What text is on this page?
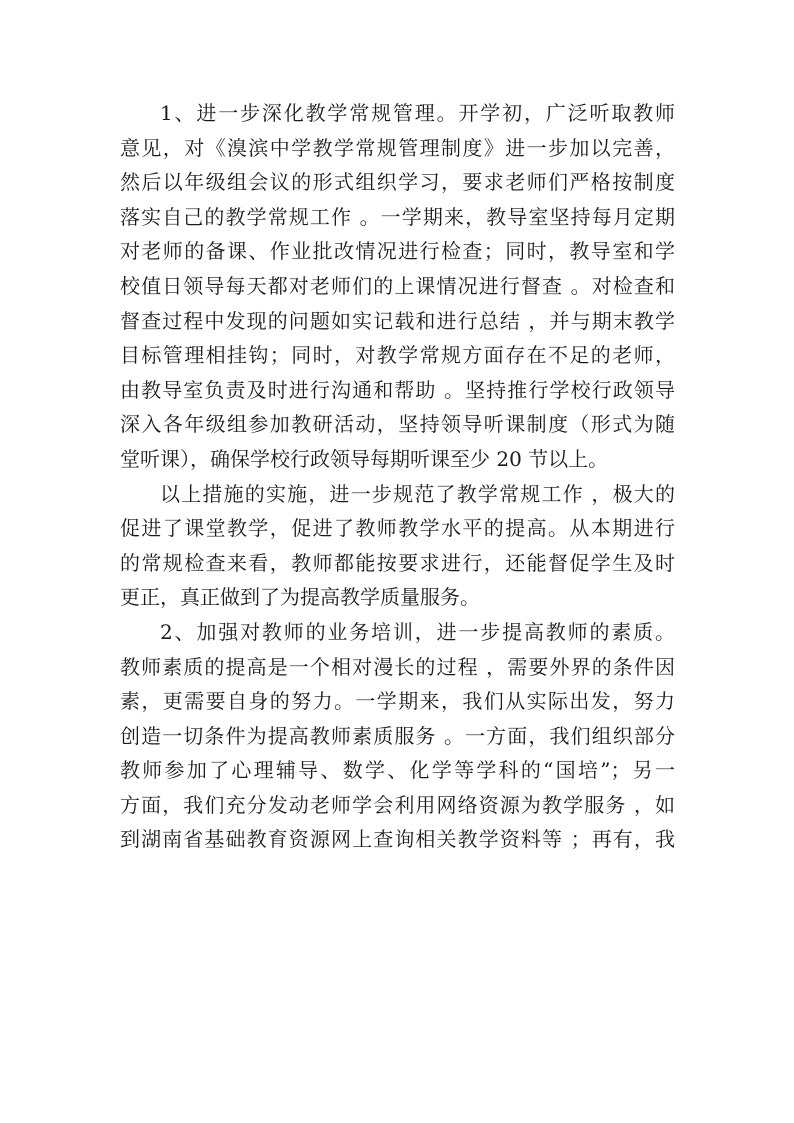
1、进一步深化教学常规管理。开学初，广泛听取教师
意见，对《溴滨中学教学常规管理制度》进一步加以完善，
然后以年级组会议的形式组织学习，要求老师们严格按制度
落实自己的教学常规工作 。一学期来，教导室坚持每月定期
对老师的备课、作业批改情况进行检查；同时，教导室和学
校值日领导每天都对老师们的上课情况进行督查 。对检查和
督查过程中发现的问题如实记载和进行总结 ，并与期末教学
目标管理相挂钩；同时，对教学常规方面存在不足的老师，
由教导室负责及时进行沟通和帮助 。坚持推行学校行政领导
深入各年级组参加教研活动，坚持领导听课制度（形式为随
堂听课），确保学校行政领导每期听课至少 20 节以上。
以上措施的实施，进一步规范了教学常规工作 ，极大的
促进了课堂教学，促进了教师教学水平的提高。从本期进行
的常规检查来看，教师都能按要求进行，还能督促学生及时
更正，真正做到了为提高教学质量服务。
2、加强对教师的业务培训，进一步提高教师的素质。
教师素质的提高是一个相对漫长的过程 ，需要外界的条件因
素，更需要自身的努力。一学期来，我们从实际出发，努力
创造一切条件为提高教师素质服务 。一方面，我们组织部分
教师参加了心理辅导、数学、化学等学科的“国培”；另一
方面，我们充分发动老师学会利用网络资源为教学服务 ，如
到湖南省基础教育资源网上查询相关教学资料等 ；再有，我
